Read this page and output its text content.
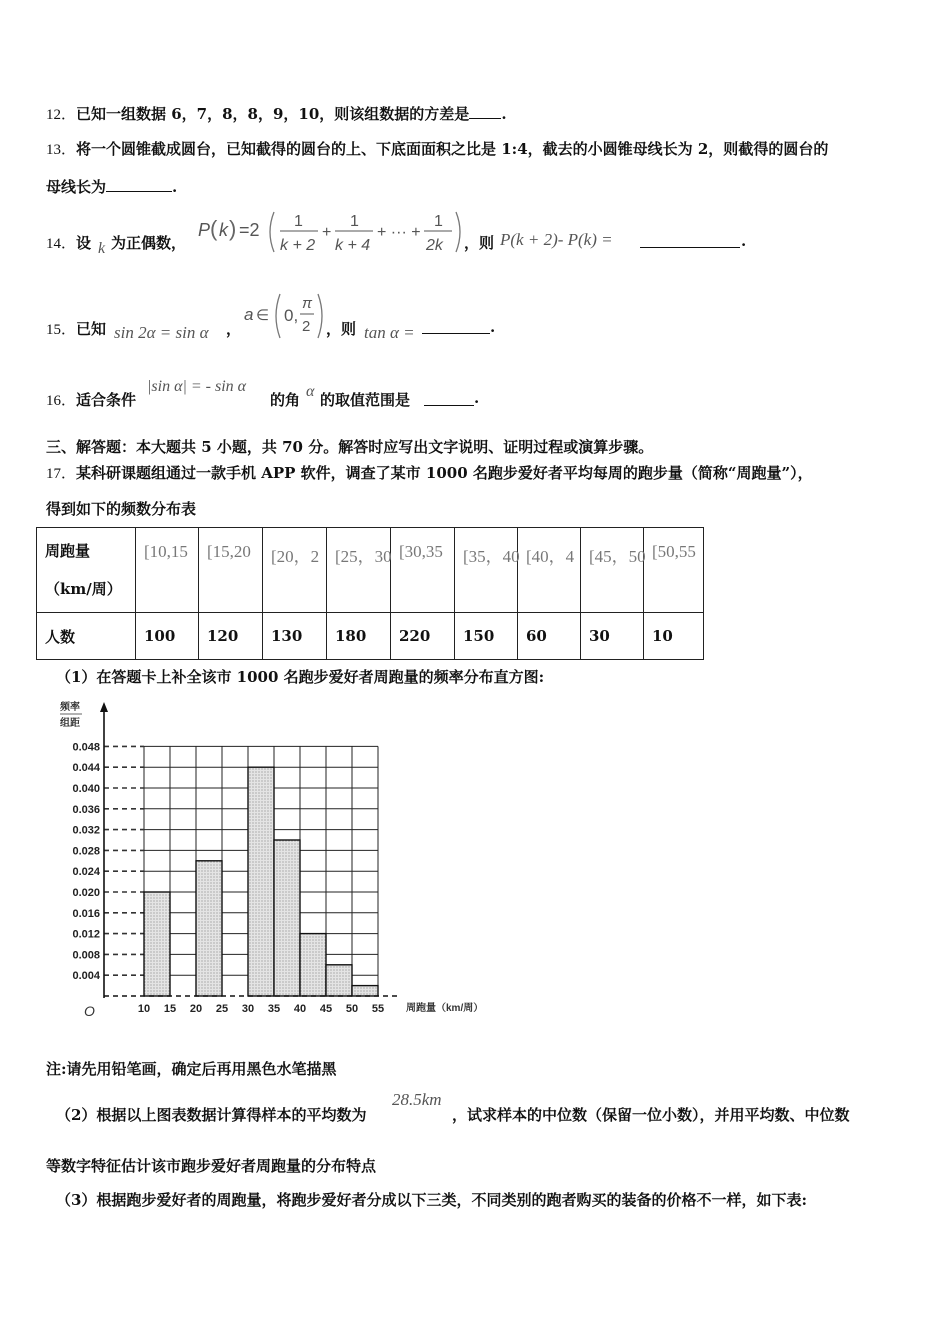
12．已知一组数据 6，7，8，8，9，10，则该组数据的方差是 .
13．将一个圆锥截成圆台，已知截得的圆台的上、下底面面积之比是 1:4，截去的小圆锥母线长为 2，则截得的圆台的
母线长为	.
14．设 k 为正偶数，
P ( k ) =2 1
k + 2
+
1
k + 4
+ ··· +
1
2k ，则 P(k + 2)- P(k) =	.
15．已知 sin 2α = sin α ，
a ∈ 0,
π
2 ，则 tan α =	.
16．适合条件
|sin α| = - sin α
的角 α 的取值范围是	.
三、解答题：本大题共 5 小题，共 70 分。解答时应写出文字说明、证明过程或演算步骤。
17．某科研课题组通过一款手机 APP 软件，调查了某市 1000 名跑步爱好者平均每周的跑步量（简称“周跑量”），
得到如下的频数分布表
周跑量
（km/周）	[10,15	[15,20	[20，2	[25，30	[30,35	[35，40	[40，4	[45，50	[50,55

人数	100	120	130	180	220	150	60	30	10
（1）在答题卡上补全该市 1000 名跑步爱好者周跑量的频率分布直方图:
频率
组距
O	周跑量（km/周）
0.004
0.008
0.012
0.016
0.020
0.024
0.028
0.032
0.036
0.040
0.044
0.048
10 15 20 25 30 35 40 45 50 55
注:请先用铅笔画，确定后再用黑色水笔描黑
（2）根据以上图表数据计算得样本的平均数为
28.5km
，试求样本的中位数（保留一位小数），并用平均数、中位数
等数字特征估计该市跑步爱好者周跑量的分布特点
（3）根据跑步爱好者的周跑量，将跑步爱好者分成以下三类，不同类别的跑者购买的装备的价格不一样，如下表:
